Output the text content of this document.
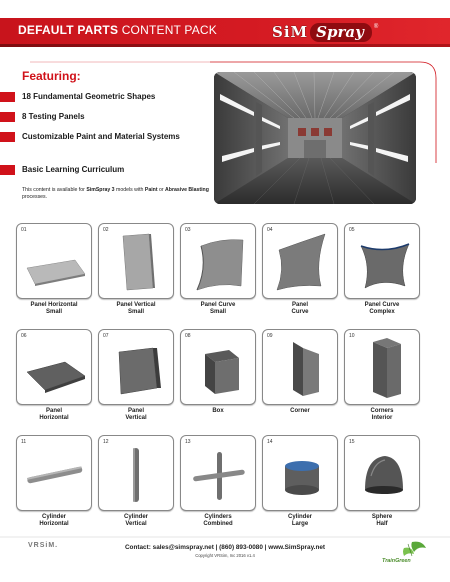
DEFAULT PARTS CONTENT PACK	SiM Spray	®
Featuring:
18 Fundamental Geometric Shapes
8 Testing Panels
Customizable Paint and Material Systems
Basic Learning Curriculum
This content is available for SimSpray 3 models with Paint or Abrasive Blasting processes.
01
Panel Horizontal
Small
02
Panel Vertical
Small
03
Panel Curve
Small
04
Panel
Curve
05
Panel Curve
Complex
06
Panel
Horizontal
07
Panel
Vertical
08
Box
09
Corner
10
Corners
Interior
11
Cylinder
Horizontal
12
Cylinder
Vertical
13
Cylinders
Combined
14
Cylinder
Large
15
Sphere
Half
VRSiM.	Contact: sales@simspray.net | (860) 893-0080 | www.SimSpray.net
Copyright VRSim, Inc 2016 v1.4
TrainGreen
